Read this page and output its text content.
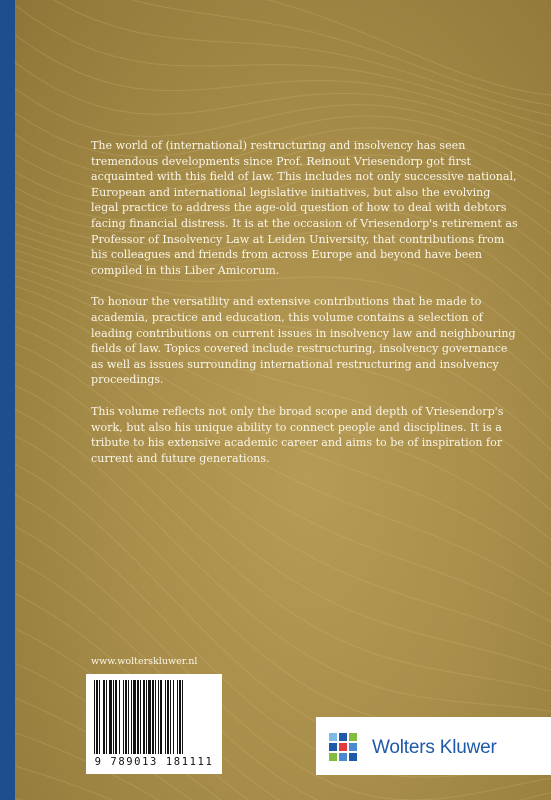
The world of (international) restructuring and insolvency has seen tremendous developments since Prof. Reinout Vriesendorp got first acquainted with this field of law. This includes not only successive national, European and international legislative initiatives, but also the evolving legal practice to address the age-old question of how to deal with debtors facing financial distress. It is at the occasion of Vriesendorp's retirement as Professor of Insolvency Law at Leiden University, that contributions from his colleagues and friends from across Europe and beyond have been compiled in this Liber Amicorum.

To honour the versatility and extensive contributions that he made to academia, practice and education, this volume contains a selection of leading contributions on current issues in insolvency law and neighbouring fields of law. Topics covered include restructuring, insolvency governance as well as issues surrounding international restructuring and insolvency proceedings.

This volume reflects not only the broad scope and depth of Vriesendorp's work, but also his unique ability to connect people and disciplines. It is a tribute to his extensive academic career and aims to be of inspiration for current and future generations.

www.wolterskluwer.nl
9 789013 181111
Wolters Kluwer
